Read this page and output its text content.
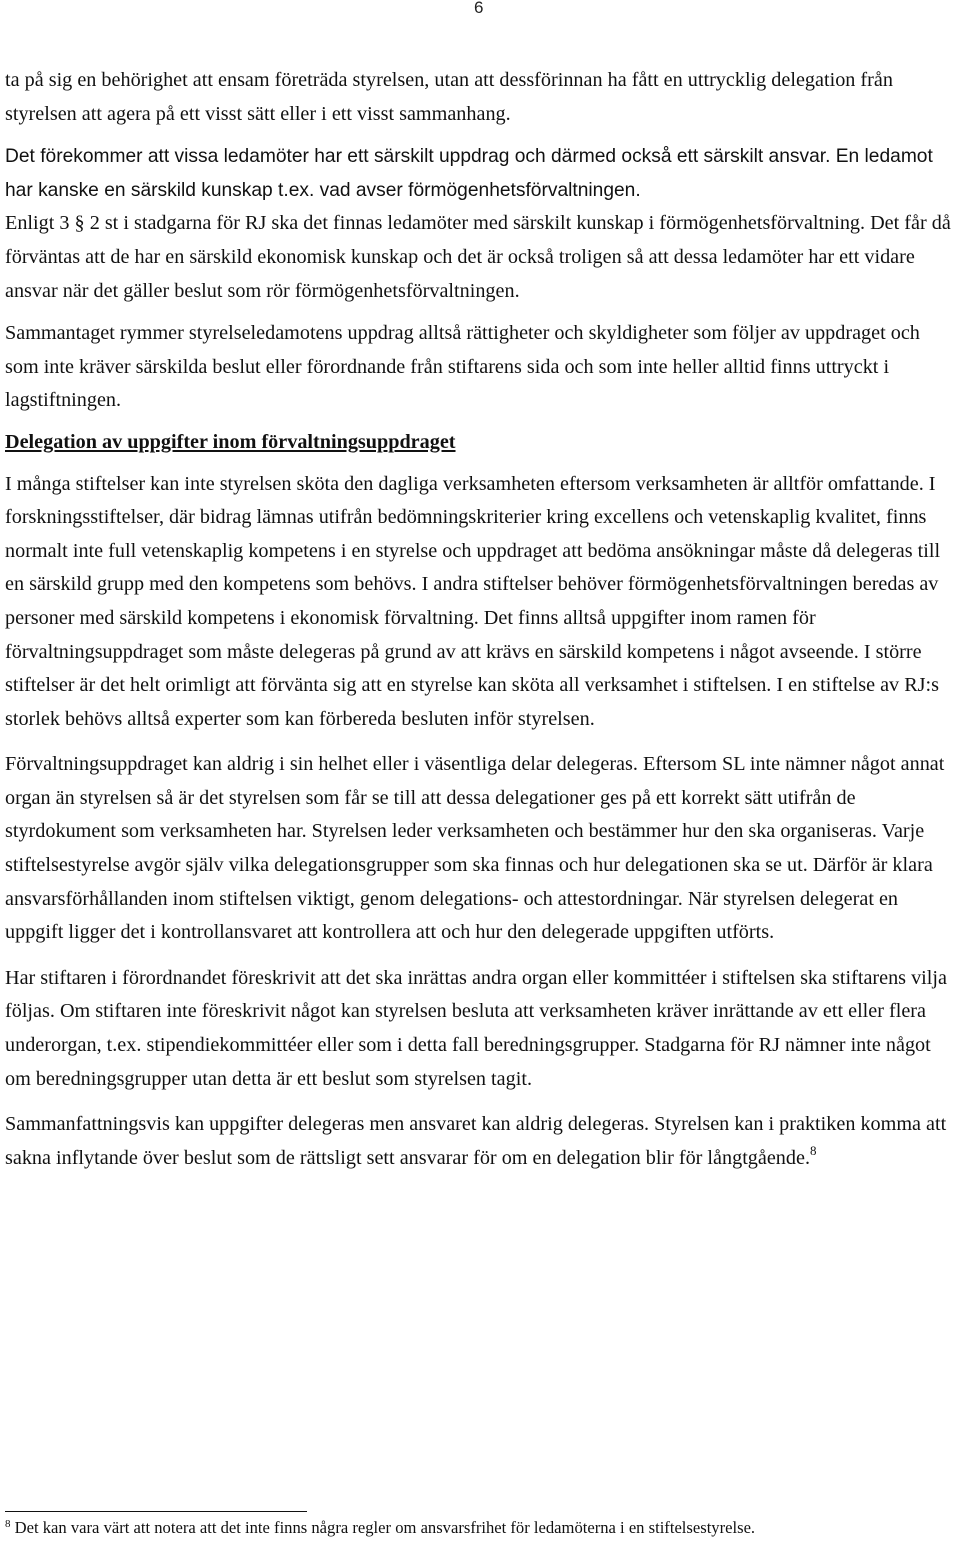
6

ta på sig en behörighet att ensam företräda styrelsen, utan att dessförinnan ha fått en uttrycklig delegation från styrelsen att agera på ett visst sätt eller i ett visst sammanhang.

Det förekommer att vissa ledamöter har ett särskilt uppdrag och därmed också ett särskilt ansvar. En ledamot har kanske en särskild kunskap t.ex. vad avser förmögenhetsförvaltningen.
Enligt 3 § 2 st i stadgarna för RJ ska det finnas ledamöter med särskilt kunskap i förmögenhetsförvaltning. Det får då förväntas att de har en särskild ekonomisk kunskap och det är också troligen så att dessa ledamöter har ett vidare ansvar när det gäller beslut som rör förmögenhetsförvaltningen.

Sammantaget rymmer styrelseledamotens uppdrag alltså rättigheter och skyldigheter som följer av uppdraget och som inte kräver särskilda beslut eller förordnande från stiftarens sida och som inte heller alltid finns uttryckt i lagstiftningen.

Delegation av uppgifter inom förvaltningsuppdraget

I många stiftelser kan inte styrelsen sköta den dagliga verksamheten eftersom verksamheten är alltför omfattande. I forskningsstiftelser, där bidrag lämnas utifrån bedömningskriterier kring excellens och vetenskaplig kvalitet, finns normalt inte full vetenskaplig kompetens i en styrelse och uppdraget att bedöma ansökningar måste då delegeras till en särskild grupp med den kompetens som behövs. I andra stiftelser behöver förmögenhetsförvaltningen beredas av personer med särskild kompetens i ekonomisk förvaltning. Det finns alltså uppgifter inom ramen för förvaltningsuppdraget som måste delegeras på grund av att krävs en särskild kompetens i något avseende. I större stiftelser är det helt orimligt att förvänta sig att en styrelse kan sköta all verksamhet i stiftelsen. I en stiftelse av RJ:s storlek behövs alltså experter som kan förbereda besluten inför styrelsen.

Förvaltningsuppdraget kan aldrig i sin helhet eller i väsentliga delar delegeras. Eftersom SL inte nämner något annat organ än styrelsen så är det styrelsen som får se till att dessa delegationer ges på ett korrekt sätt utifrån de styrdokument som verksamheten har. Styrelsen leder verksamheten och bestämmer hur den ska organiseras. Varje stiftelsestyrelse avgör själv vilka delegationsgrupper som ska finnas och hur delegationen ska se ut. Därför är klara ansvarsförhållanden inom stiftelsen viktigt, genom delegations- och attestordningar. När styrelsen delegerat en uppgift ligger det i kontrollansvaret att kontrollera att och hur den delegerade uppgiften utförts.

Har stiftaren i förordnandet föreskrivit att det ska inrättas andra organ eller kommittéer i stiftelsen ska stiftarens vilja följas. Om stiftaren inte föreskrivit något kan styrelsen besluta att verksamheten kräver inrättande av ett eller flera underorgan, t.ex. stipendiekommittéer eller som i detta fall beredningsgrupper. Stadgarna för RJ nämner inte något om beredningsgrupper utan detta är ett beslut som styrelsen tagit.

Sammanfattningsvis kan uppgifter delegeras men ansvaret kan aldrig delegeras. Styrelsen kan i praktiken komma att sakna inflytande över beslut som de rättsligt sett ansvarar för om en delegation blir för långtgående.$^8$

$^8$ Det kan vara värt att notera att det inte finns några regler om ansvarsfrihet för ledamöterna i en stiftelsestyrelse.
